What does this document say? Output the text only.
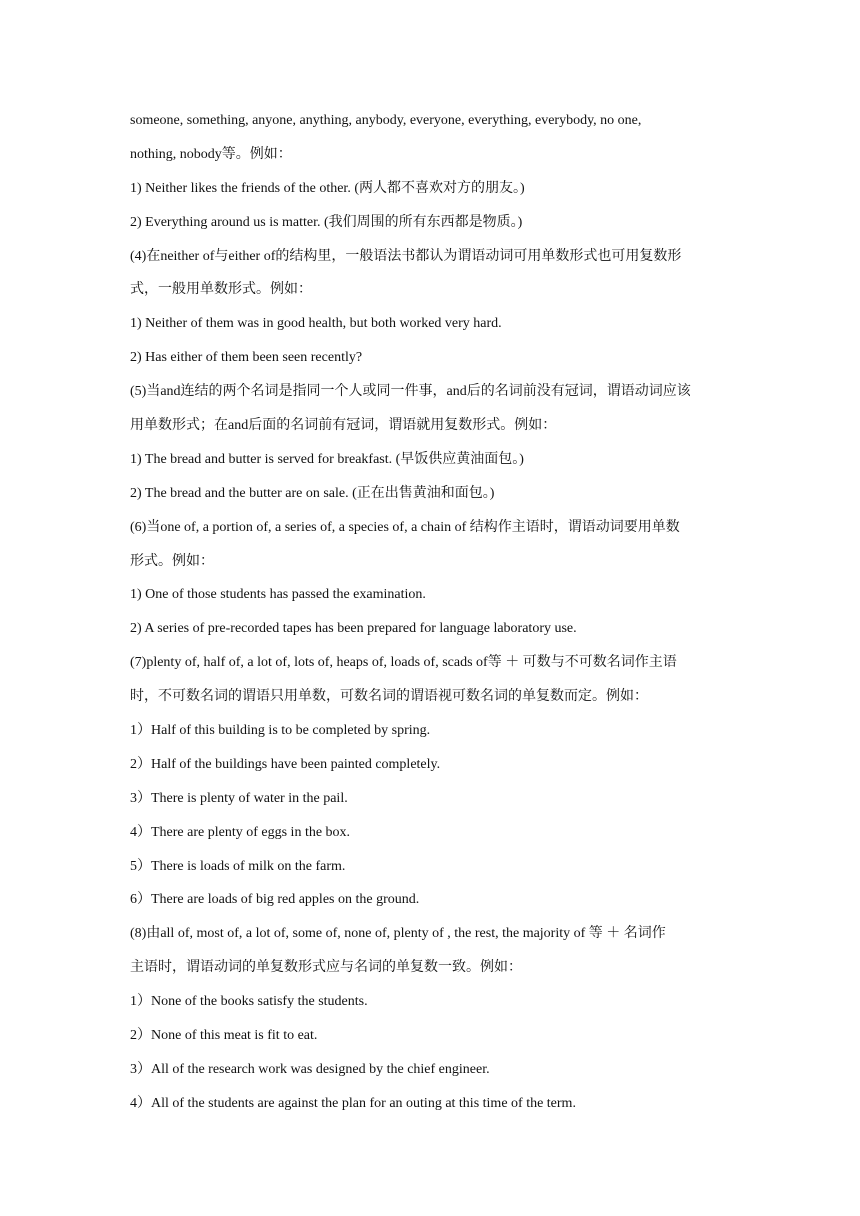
someone, something, anyone, anything, anybody, everyone, everything, everybody, no one,
nothing, nobody等。例如：
1) Neither likes the friends of the other. (两人都不喜欢对方的朋友。)
2) Everything around us is matter. (我们周围的所有东西都是物质。)
(4)在neither of与either of的结构里，一般语法书都认为谓语动词可用单数形式也可用复数形
式，一般用单数形式。例如：
1) Neither of them was in good health, but both worked very hard.
2) Has either of them been seen recently?
(5)当and连结的两个名词是指同一个人或同一件事，and后的名词前没有冠词，谓语动词应该
用单数形式；在and后面的名词前有冠词，谓语就用复数形式。例如：
1) The bread and butter is served for breakfast. (早饭供应黄油面包。)
2) The bread and the butter are on sale. (正在出售黄油和面包。)
(6)当one of, a portion of, a series of, a species of, a chain of 结构作主语时，谓语动词要用单数
形式。例如：
1) One of those students has passed the examination.
2) A series of pre-recorded tapes has been prepared for language laboratory use.
(7)plenty of, half of, a lot of, lots of, heaps of, loads of, scads of等 ＋ 可数与不可数名词作主语
时，不可数名词的谓语只用单数，可数名词的谓语视可数名词的单复数而定。例如：
1）Half of this building is to be completed by spring.
2）Half of the buildings have been painted completely.
3）There is plenty of water in the pail.
4）There are plenty of eggs in the box.
5）There is loads of milk on the farm.
6）There are loads of big red apples on the ground.
(8)由all of, most of, a lot of, some of, none of, plenty of , the rest, the majority of 等 ＋ 名词作
主语时，谓语动词的单复数形式应与名词的单复数一致。例如：
1）None of the books satisfy the students.
2）None of this meat is fit to eat.
3）All of the research work was designed by the chief engineer.
4）All of the students are against the plan for an outing at this time of the term.
